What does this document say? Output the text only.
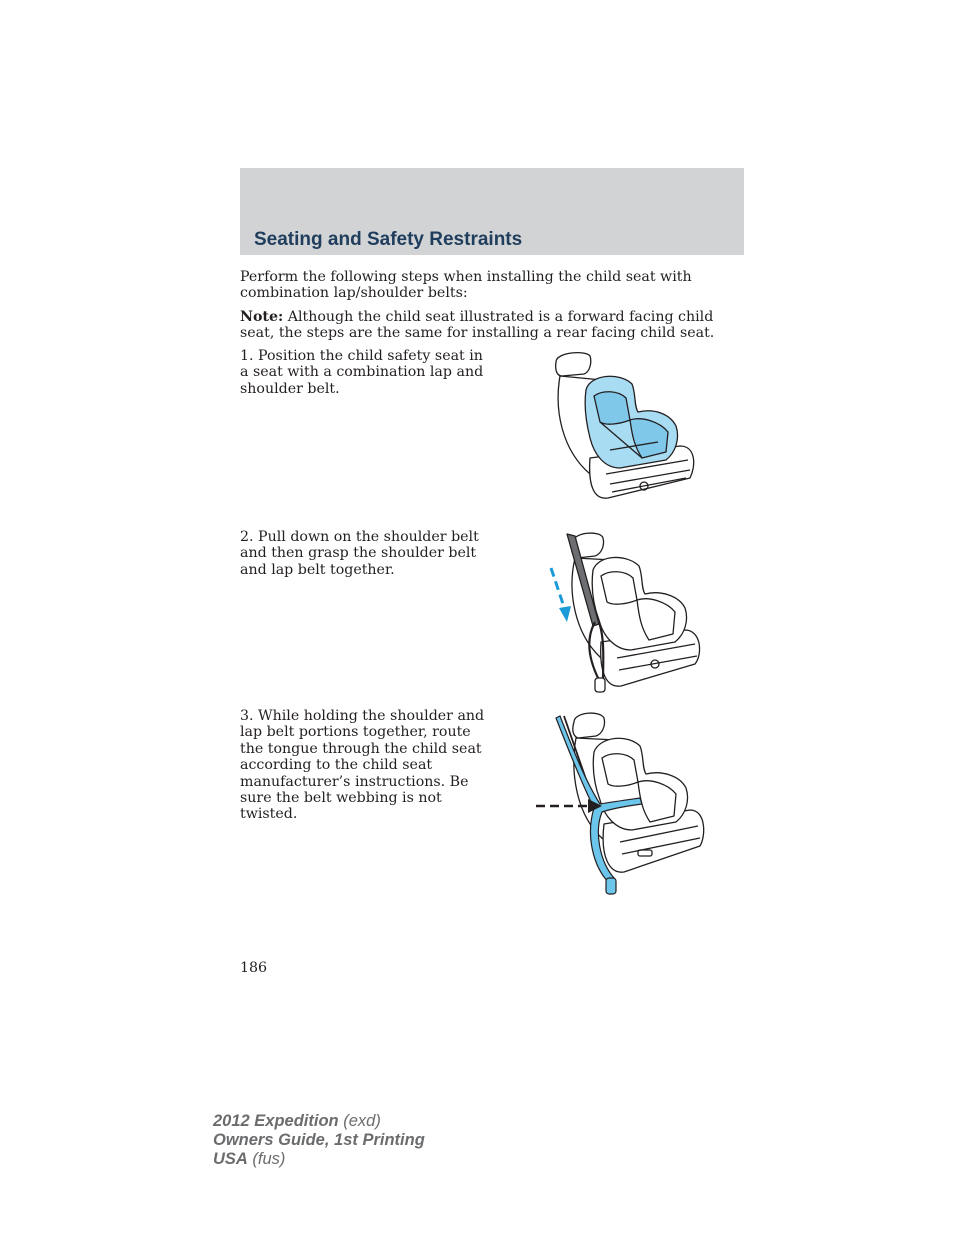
Seating and Safety Restraints

Perform the following steps when installing the child seat with combination lap/shoulder belts:

Note: Although the child seat illustrated is a forward facing child seat, the steps are the same for installing a rear facing child seat.

1. Position the child safety seat in a seat with a combination lap and shoulder belt.

2. Pull down on the shoulder belt and then grasp the shoulder belt and lap belt together.

3. While holding the shoulder and lap belt portions together, route the tongue through the child seat according to the child seat manufacturer’s instructions. Be sure the belt webbing is not twisted.

186

2012 Expedition (exd)
Owners Guide, 1st Printing
USA (fus)
